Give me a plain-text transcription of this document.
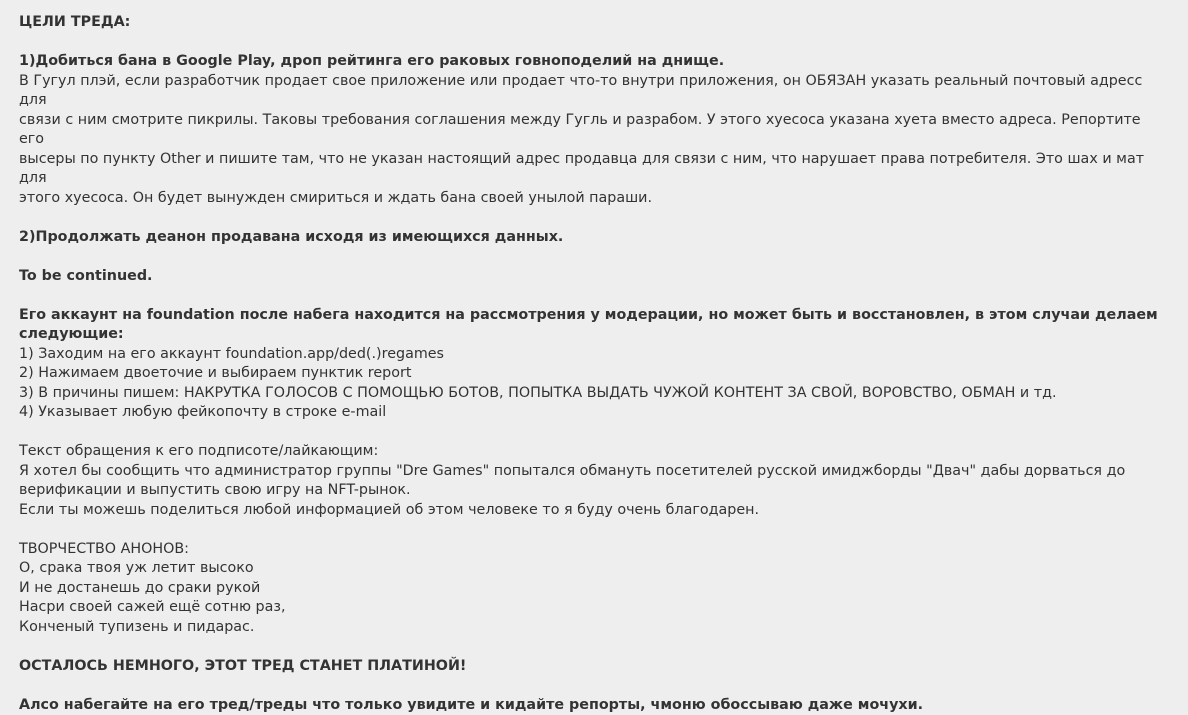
ЦЕЛИ ТРЕДА:

1)Добиться бана в Google Play, дроп рейтинга его раковых говноподелий на днище.

В Гугул плэй, если разработчик продает свое приложение или продает что-то внутри приложения, он ОБЯЗАН указать реальный почтовый адресс для

связи с ним смотрите пикрилы. Таковы требования соглашения между Гугль и разрабом. У этого хуесоса указана хуета вместо адреса. Репортите его

высеры по пункту Other и пишите там, что не указан настоящий адрес продавца для связи с ним, что нарушает права потребителя. Это шах и мат для

этого хуесоса. Он будет вынужден смириться и ждать бана своей унылой параши.

2)Продолжать деанон продавана исходя из имеющихся данных.

To be continued.

Его аккаунт на foundation после набега находится на рассмотрения у модерации, но может быть и восстановлен, в этом случаи делаем

следующие:

1) Заходим на его аккаунт foundation.app/ded(.)regames

2) Нажимаем двоеточие и выбираем пунктик report

3) В причины пишем: НАКРУТКА ГОЛОСОВ С ПОМОЩЬЮ БОТОВ, ПОПЫТКА ВЫДАТЬ ЧУЖОЙ КОНТЕНТ ЗА СВОЙ, ВОРОВСТВО, ОБМАН и тд.

4) Указывает любую фейкопочту в строке e-mail

Текст обращения к его подписоте/лайкающим:

Я хотел бы сообщить что администратор группы "Dre Games" попытался обмануть посетителей русской имиджборды "Двач" дабы дорваться до

верификации и выпустить свою игру на NFT-рынок.

Если ты можешь поделиться любой информацией об этом человеке то я буду очень благодарен.

ТВОРЧЕСТВО АНОНОВ:

О, срака твоя уж летит высоко

И не достанешь до сраки рукой

Насри своей сажей ещё сотню раз,

Конченый тупизень и пидарас.

ОСТАЛОСЬ НЕМНОГО, ЭТОТ ТРЕД СТАНЕТ ПЛАТИНОЙ!

Алсо набегайте на его тред/треды что только увидите и кидайте репорты, чмоню обоссываю даже мочухи.
